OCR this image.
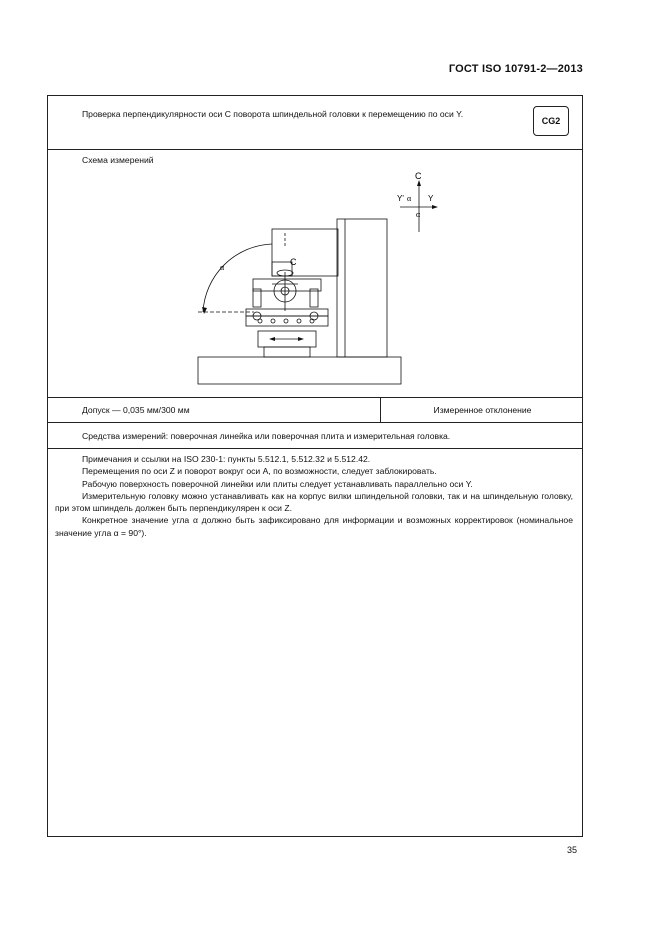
ГОСТ ISO 10791-2—2013
Проверка перпендикулярности оси C поворота шпиндельной головки к перемещению по оси Y.
CG2
Схема измерений
C
Y' α Y
α
α
C
Допуск — 0,035 мм/300 мм	Измеренное отклонение
Средства измерений: поверочная линейка или поверочная плита и измерительная головка.

Примечания и ссылки на ISO 230-1: пункты 5.512.1, 5.512.32 и 5.512.42.

Перемещения по оси Z и поворот вокруг оси A, по возможности, следует заблокировать.

Рабочую поверхность поверочной линейки или плиты следует устанавливать параллельно оси Y.

Измерительную головку можно устанавливать как на корпус вилки шпиндельной головки, так и на шпиндельную головку, при этом шпиндель должен быть перпендикулярен к оси Z.

Конкретное значение угла α должно быть зафиксировано для информации и возможных корректировок (номинальное значение угла α = 90°).

35
